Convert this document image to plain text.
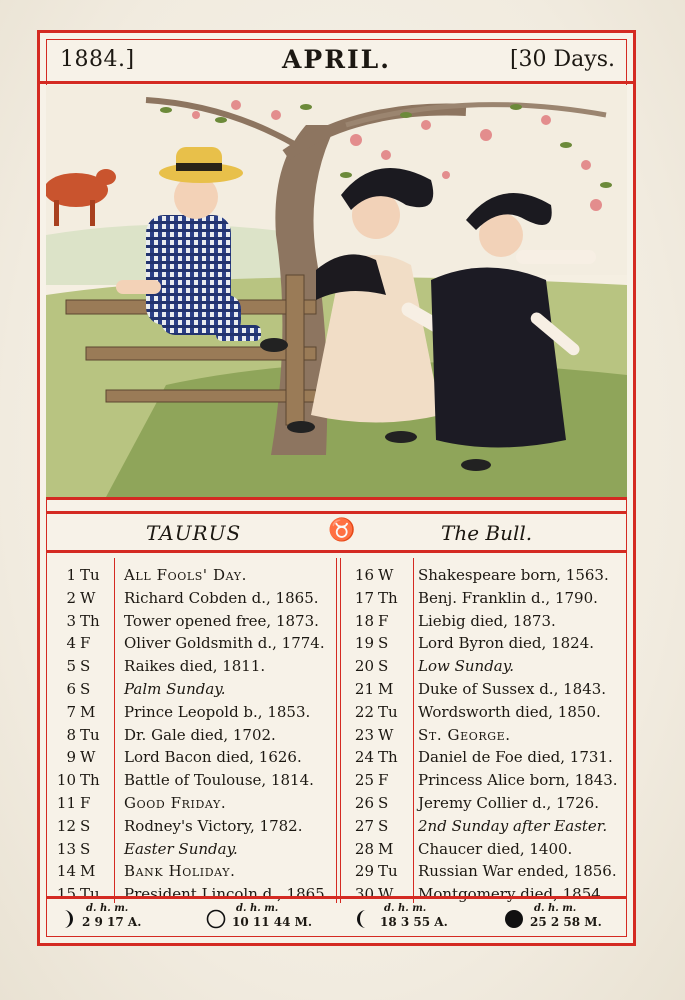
1884.]	APRIL.	[30 Days.
TAURUS	♉	The Bull.
1 Tu All Fools' Day.
2 W Richard Cobden d., 1865.
3 Th Tower opened free, 1873.
4 F Oliver Goldsmith d., 1774.
5 S Raikes died, 1811.
6 S Palm Sunday.
7 M Prince Leopold b., 1853.
8 Tu Dr. Gale died, 1702.
9 W Lord Bacon died, 1626.
10 Th Battle of Toulouse, 1814.
11 F Good Friday.
12 S Rodney's Victory, 1782.
13 S Easter Sunday.
14 M Bank Holiday.
15 Tu President Lincoln d., 1865.
16 W Shakespeare born, 1563.
17 Th Benj. Franklin d., 1790.
18 F Liebig died, 1873.
19 S Lord Byron died, 1824.
20 S Low Sunday.
21 M Duke of Sussex d., 1843.
22 Tu Wordsworth died, 1850.
23 W St. George.
24 Th Daniel de Foe died, 1731.
25 F Princess Alice born, 1843.
26 S Jeremy Collier d., 1726.
27 S 2nd Sunday after Easter.
28 M Chaucer died, 1400.
29 Tu Russian War ended, 1856.
30 W Montgomery died, 1854.
d. h. m.
2 9 17 A.
d. h. m.
10 11 44 M.
d. h. m.
18 3 55 A.
d. h. m.
25 2 58 M.
